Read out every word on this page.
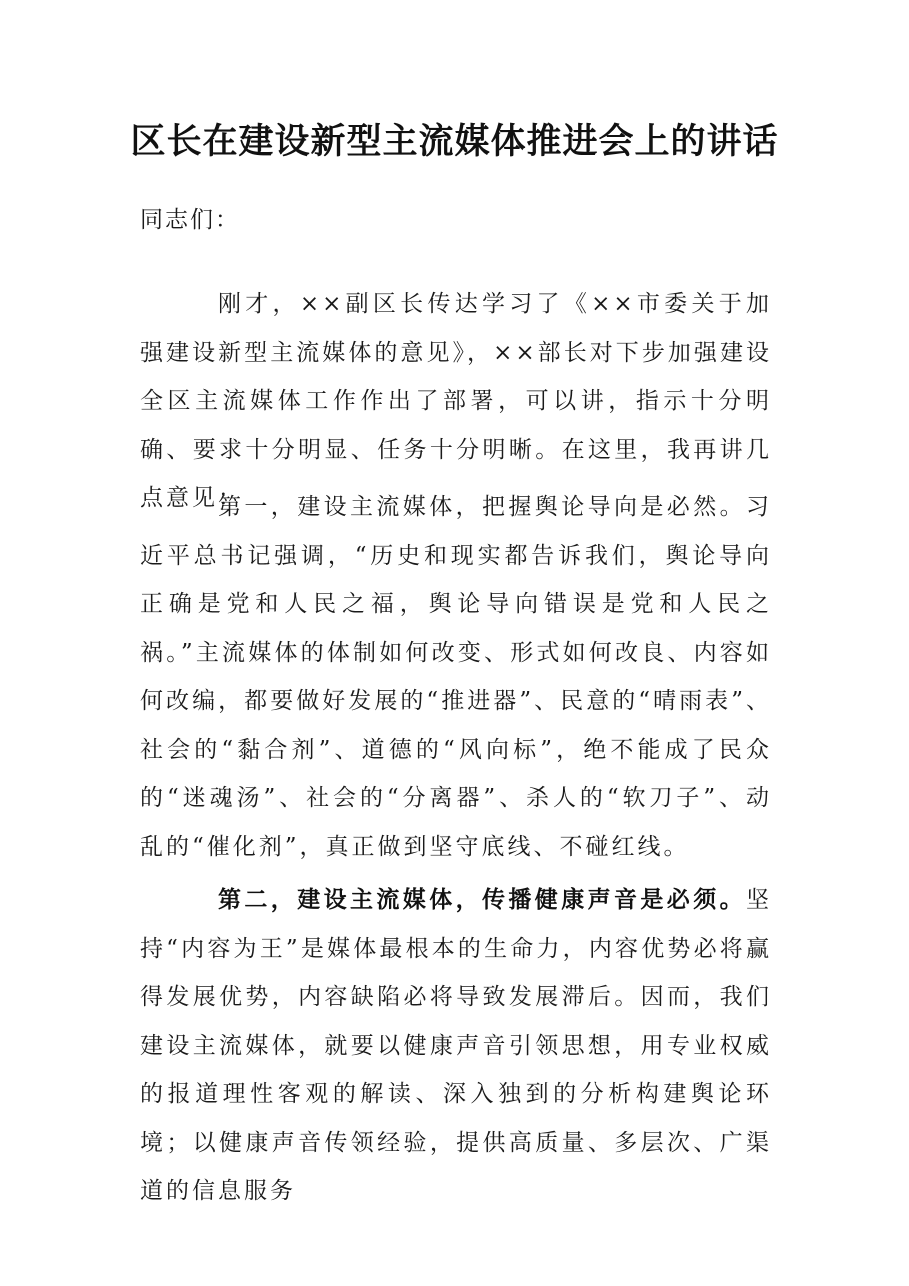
区长在建设新型主流媒体推进会上的讲话

同志们：

刚才，××副区长传达学习了《××市委关于加强建设新型主流媒体的意见》，××部长对下步加强建设全区主流媒体工作作出了部署，可以讲，指示十分明确、要求十分明显、任务十分明晰。在这里，我再讲几点意见：

第一，建设主流媒体，把握舆论导向是必然。习近平总书记强调，“历史和现实都告诉我们，舆论导向正确是党和人民之福，舆论导向错误是党和人民之祸。”主流媒体的体制如何改变、形式如何改良、内容如何改编，都要做好发展的“推进器”、民意的“晴雨表”、社会的“黏合剂”、道德的“风向标”，绝不能成了民众的“迷魂汤”、社会的“分离器”、杀人的“软刀子”、动乱的“催化剂”，真正做到坚守底线、不碰红线。

第二，建设主流媒体，传播健康声音是必须。坚持“内容为王”是媒体最根本的生命力，内容优势必将赢得发展优势，内容缺陷必将导致发展滞后。因而，我们建设主流媒体，就要以健康声音引领思想，用专业权威的报道理性客观的解读、深入独到的分析构建舆论环境；以健康声音传领经验，提供高质量、多层次、广渠道的信息服务
